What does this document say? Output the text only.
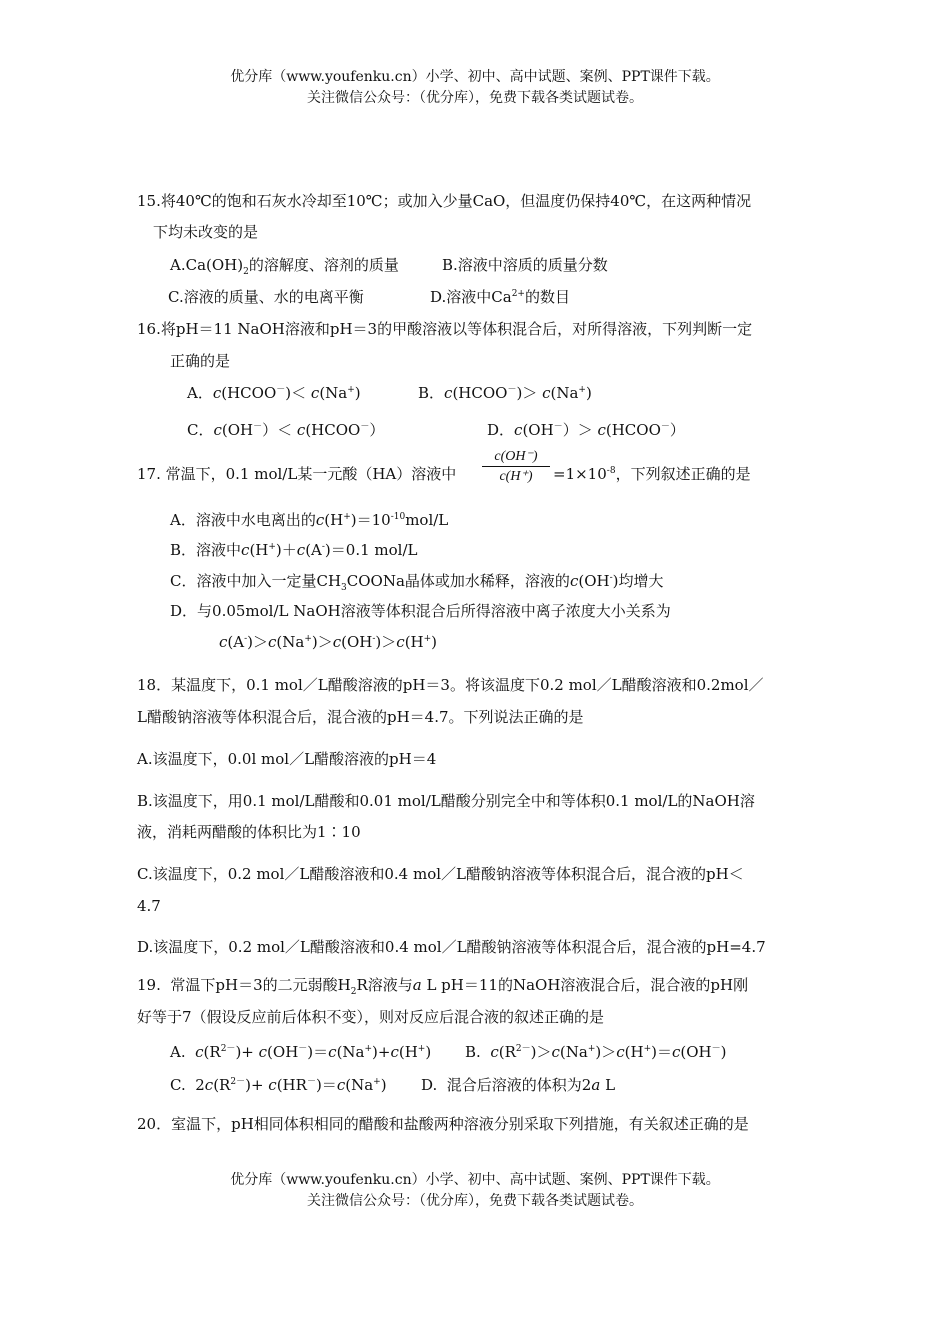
优分库（www.youfenku.cn）小学、初中、高中试题、案例、PPT课件下载。
关注微信公众号：（优分库），免费下载各类试题试卷。
15.将40℃的饱和石灰水冷却至10℃；或加入少量CaO，但温度仍保持40℃，在这两种情况
下均未改变的是
$A.Ca(OH)_2$的溶解度、溶剂的质量	B.溶液中溶质的质量分数
C.溶液的质量、水的电离平衡	D.溶液中$Ca^{2+}$的数目
16.将pH＝11 NaOH溶液和pH＝3的甲酸溶液以等体积混合后，对所得溶液，下列判断一定
正确的是
A．c(HCOO－)＜ c(Na+)	B．c(HCOO－)＞ c(Na+)
C．c(OH－）＜ c(HCOO－）	D．c(OH－）＞ c(HCOO－）
17. 常温下，0.1 mol/L某一元酸（HA）溶液中
c(OH⁻)
c(H⁺)	$=1\times 10^{-8}$，下列叙述正确的是
A．溶液中水电离出的$c(H^+)=10^{-10}mol/L$
B．溶液中c(H+)＋c(A-)＝0.1 mol/L
C．溶液中加入一定量$CH_3COONa$晶体或加水稀释，溶液的c(OH-)均增大
D．与0.05mol/L NaOH溶液等体积混合后所得溶液中离子浓度大小关系为
c(A-)＞c(Na+)＞c(OH-)＞c(H+)
18．某温度下，0.1 mol／L醋酸溶液的pH＝3。将该温度下0.2 mol／L醋酸溶液和0.2mol／
L醋酸钠溶液等体积混合后，混合液的pH＝4.7。下列说法正确的是
A.该温度下，0.0l mol／L醋酸溶液的pH＝4
B.该温度下，用0.1 mol/L醋酸和0.01 mol/L醋酸分别完全中和等体积0.1 mol/L的NaOH溶
液，消耗两醋酸的体积比为1∶10
C.该温度下，0.2 mol／L醋酸溶液和0.4 mol／L醋酸钠溶液等体积混合后，混合液的pH＜
4.7
D.该温度下，0.2 mol／L醋酸溶液和0.4 mol／L醋酸钠溶液等体积混合后，混合液的pH=4.7
19.  常温下pH＝3的二元弱酸$H_2R$溶液与a L pH＝11的NaOH溶液混合后，混合液的pH刚
好等于7（假设反应前后体积不变），则对反应后混合液的叙述正确的是
A.  $c(R^{2-})+ c(OH^-)=c(Na^+)+c(H^+)$ B.  $c(R^{2-})>c(Na^+)>c(H^+)=c(OH^-)$
C.  $2c(R^{2-})+ c(HR^-)=c(Na^+)$ D.  混合后溶液的体积为2a L
20．室温下，pH相同体积相同的醋酸和盐酸两种溶液分别采取下列措施，有关叙述正确的是
优分库（www.youfenku.cn）小学、初中、高中试题、案例、PPT课件下载。
关注微信公众号：（优分库），免费下载各类试题试卷。
